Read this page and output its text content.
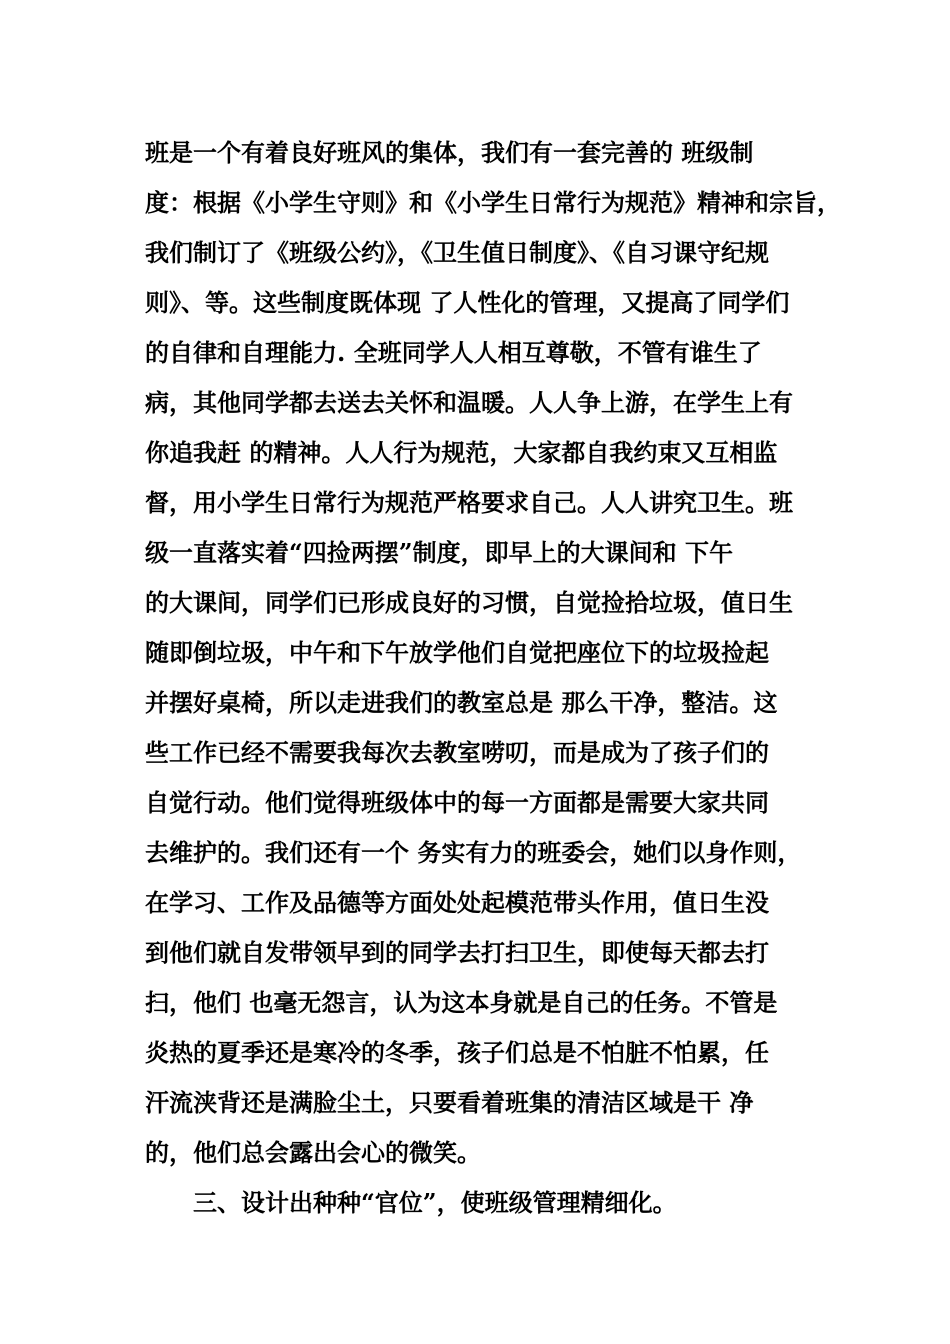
班是一个有着良好班风的集体，我们有一套完善的 班级制
度：根据《小学生守则》和《小学生日常行为规范》精神和宗旨，
我们制订了《班级公约》，《卫生值日制度》、《自习课守纪规
则》、等。这些制度既体现 了人性化的管理，又提高了同学们
的自律和自理能力. 全班同学人人相互尊敬，不管有谁生了
病，其他同学都去送去关怀和温暖。人人争上游，在学生上有
你追我赶 的精神。人人行为规范，大家都自我约束又互相监
督，用小学生日常行为规范严格要求自己。人人讲究卫生。班
级一直落实着“四捡两摆”制度，即早上的大课间和 下午
的大课间，同学们已形成良好的习惯，自觉捡拾垃圾，值日生
随即倒垃圾，中午和下午放学他们自觉把座位下的垃圾捡起
并摆好桌椅，所以走进我们的教室总是 那么干净，整洁。这
些工作已经不需要我每次去教室唠叨，而是成为了孩子们的
自觉行动。他们觉得班级体中的每一方面都是需要大家共同
去维护的。我们还有一个 务实有力的班委会，她们以身作则，
在学习、工作及品德等方面处处起模范带头作用，值日生没
到他们就自发带领早到的同学去打扫卫生，即使每天都去打
扫，他们 也毫无怨言，认为这本身就是自己的任务。不管是
炎热的夏季还是寒冷的冬季，孩子们总是不怕脏不怕累，任
汗流浃背还是满脸尘土，只要看着班集的清洁区域是干 净
的，他们总会露出会心的微笑。
三、设计出种种“官位”，使班级管理精细化。
